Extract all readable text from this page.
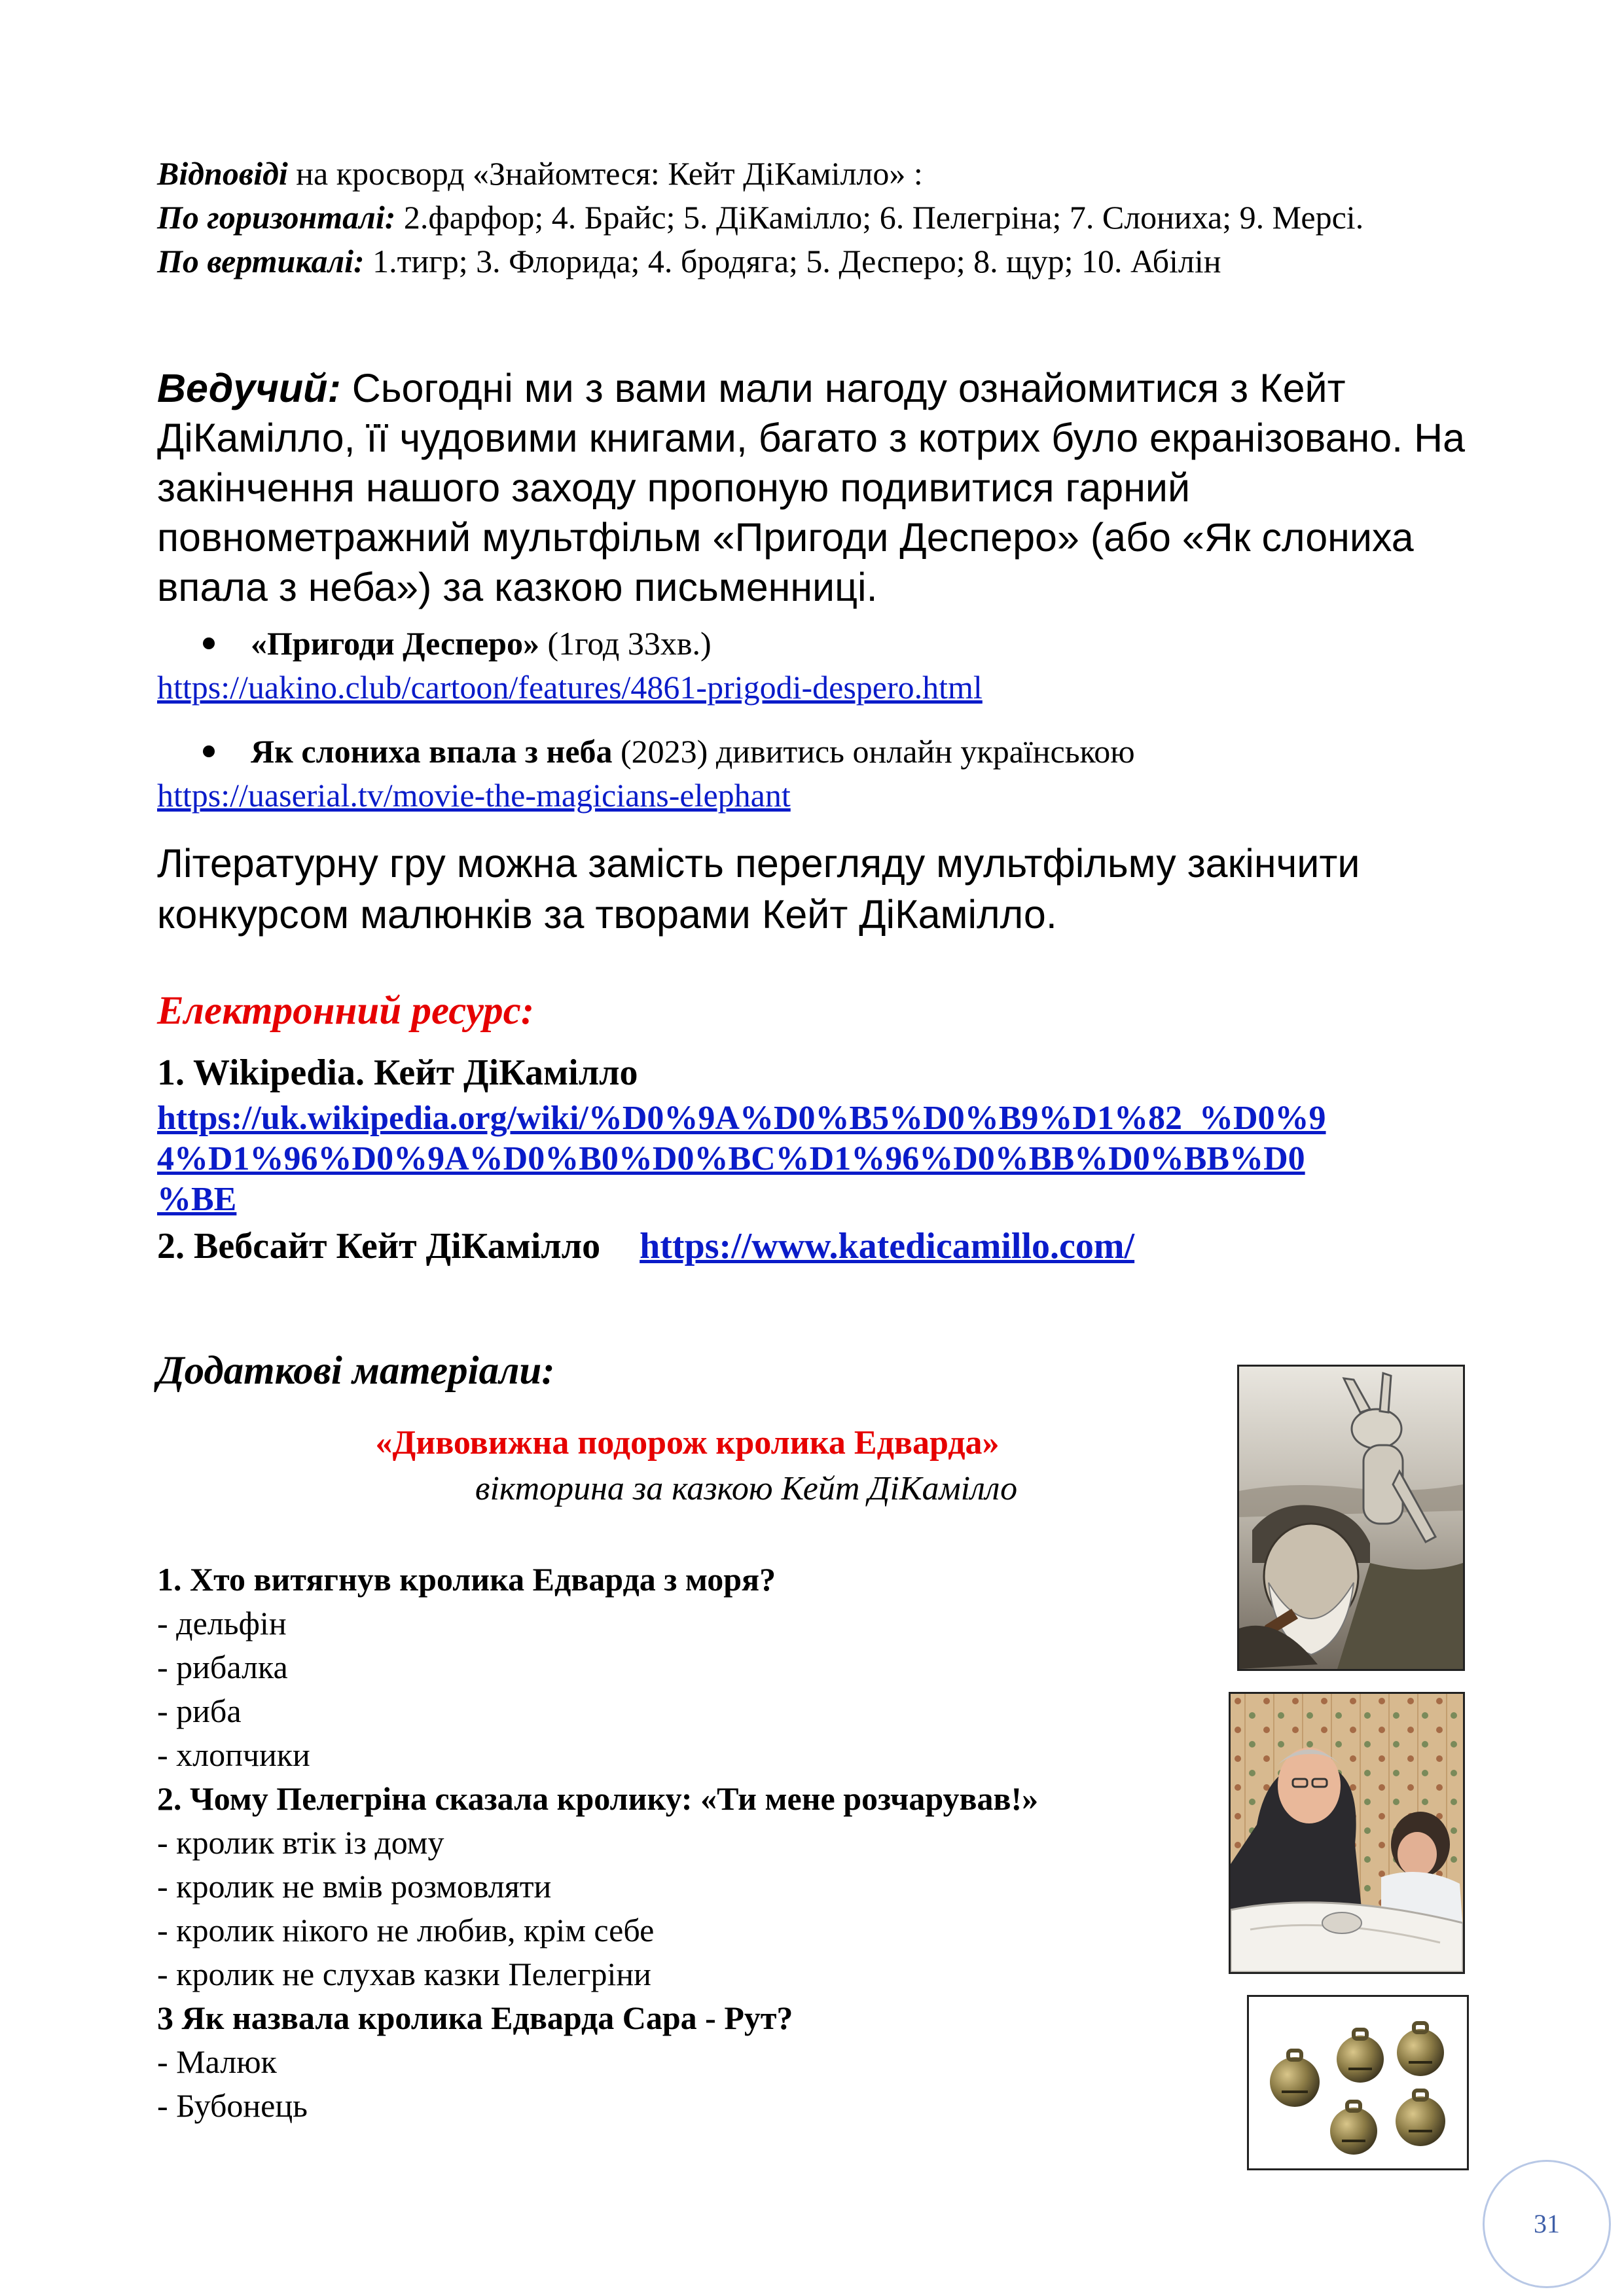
Відповіді на кросворд «Знайомтеся: Кейт ДіКамілло» :

По горизонталі: 2.фарфор; 4. Брайс; 5. ДіКамілло; 6. Пелегріна; 7. Слониха; 9. Мерсі.

По вертикалі: 1.тигр; 3. Флорида; 4. бродяга; 5. Десперо; 8. щур; 10. Абілін

Ведучий: Сьогодні ми з вами мали нагоду ознайомитися з Кейт ДіКамілло, її чудовими книгами, багато з котрих було екранізовано. На закінчення нашого заходу пропоную подивитися гарний повнометражний мультфільм «Пригоди Десперо» (або «Як слониха впала з неба») за казкою письменниці.

«Пригоди Десперо» (1год 33хв.)

https://uakino.club/cartoon/features/4861-prigodi-despero.html

Як слониха впала з неба (2023) дивитись онлайн українською

https://uaserial.tv/movie-the-magicians-elephant

Літературну гру можна замість перегляду мультфільму закінчити конкурсом малюнків за творами Кейт ДіКамілло.

Електронний ресурс:

1. Wikipedia. Кейт ДіКамілло

https://uk.wikipedia.org/wiki/%D0%9A%D0%B5%D0%B9%D1%82_%D0%9

4%D1%96%D0%9A%D0%B0%D0%BC%D1%96%D0%BB%D0%BB%D0

%BE

2. Вебсайт Кейт ДіКамілло https://www.katedicamillo.com/

Додаткові матеріали:
«Дивовижна подорож кролика Едварда»
вікторина за казкою Кейт ДіКамілло

1. Хто витягнув кролика Едварда з моря?

- дельфін

- рибалка

- риба

- хлопчики

2. Чому Пелегріна сказала кролику: «Ти мене розчарував!»

- кролик втік із дому

- кролик не вмів розмовляти

- кролик нікого не любив, крім себе

- кролик не слухав казки Пелегріни

3 Як назвала кролика Едварда Сара - Рут?

- Малюк

- Бубонець

31
